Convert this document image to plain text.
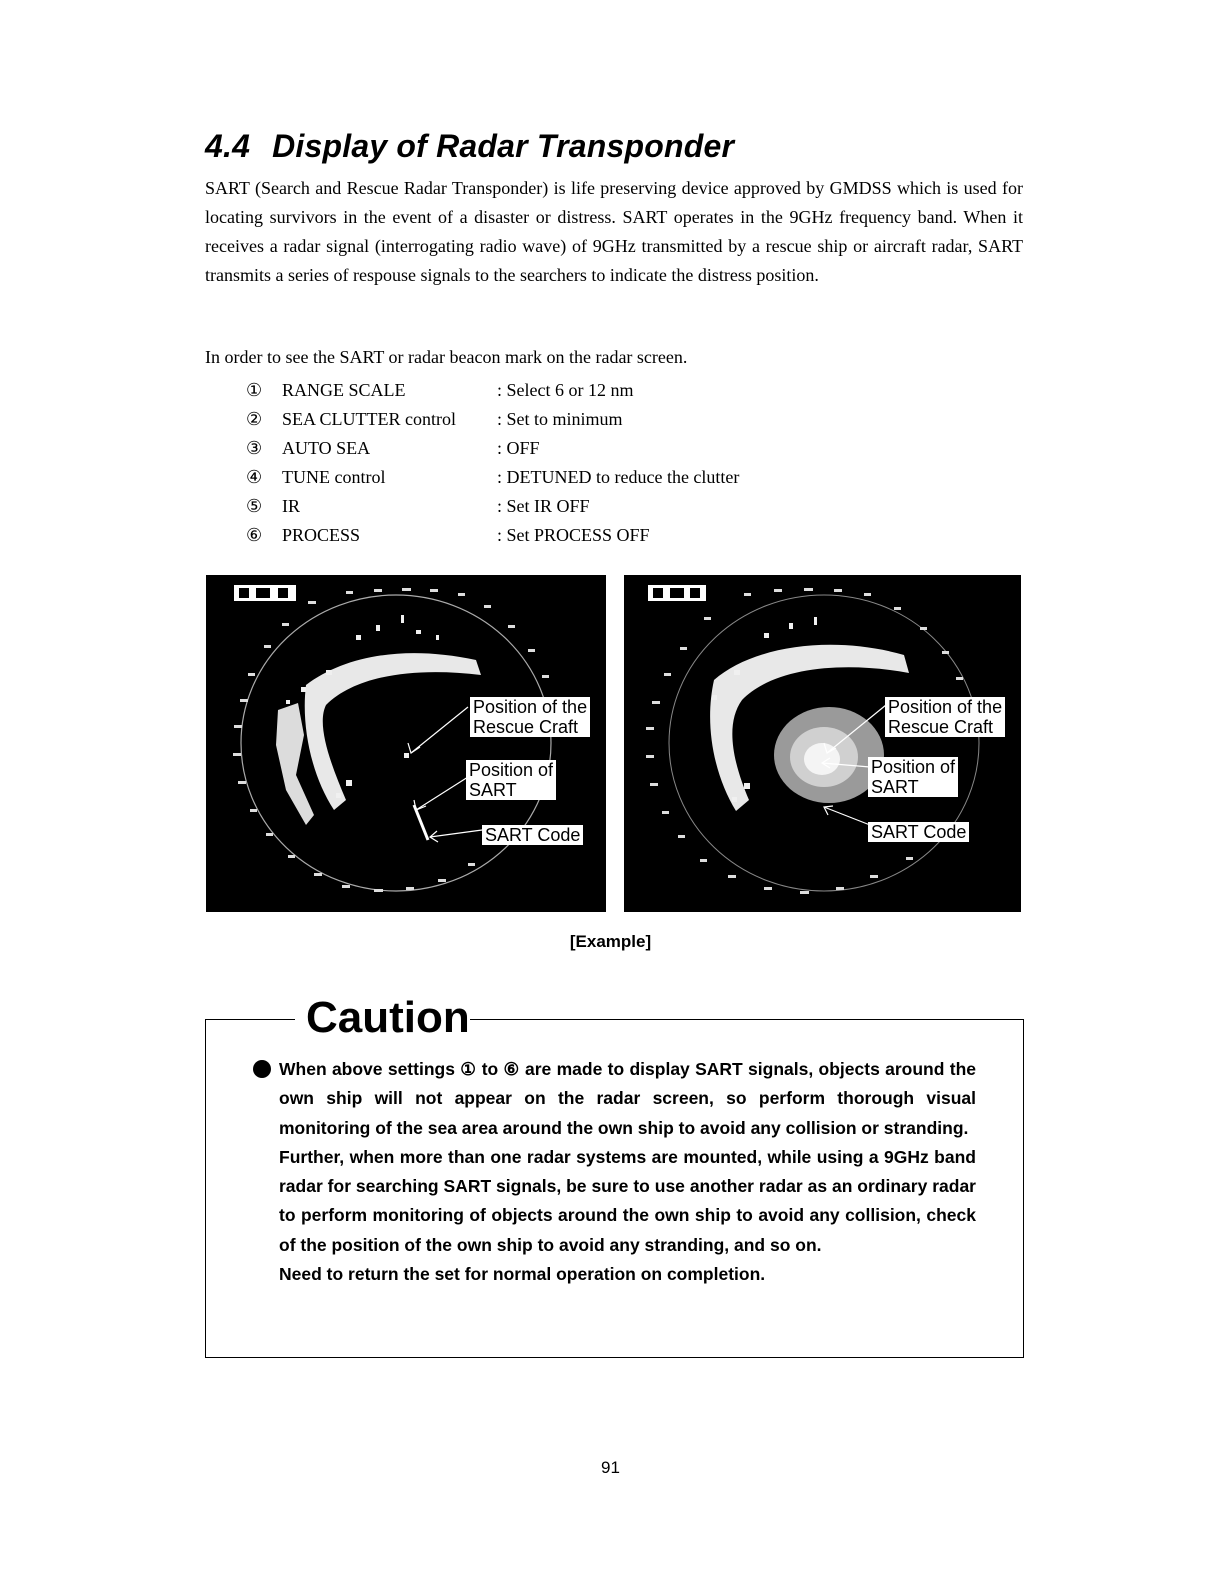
4.4 Display of Radar Transponder

SART (Search and Rescue Radar Transponder) is life preserving device approved by GMDSS which is used for locating survivors in the event of a disaster or distress. SART operates in the 9GHz frequency band. When it receives a radar signal (interrogating radio wave) of 9GHz transmitted by a rescue ship or aircraft radar, SART transmits a series of respouse signals to the searchers to indicate the distress position.

In order to see the SART or radar beacon mark on the radar screen.

① RANGE SCALE	: Select 6 or 12 nm
② SEA CLUTTER control : Set to minimum
③ AUTO SEA	: OFF
④ TUNE control	: DETUNED to reduce the clutter
⑤ IR	: Set IR OFF
⑥ PROCESS	: Set PROCESS OFF
Position of the
Rescue Craft
Position of
SART
SART Code
Position of the
Rescue Craft
Position of
SART
SART Code
[Example]
Caution

When above settings ① to ⑥ are made to display SART signals, objects around the own ship will not appear on the radar screen, so perform thorough visual monitoring of the sea area around the own ship to avoid any collision or stranding.

Further, when more than one radar systems are mounted, while using a 9GHz band radar for searching SART signals, be sure to use another radar as an ordinary radar to perform monitoring of objects around the own ship to avoid any collision, check of the position of the own ship to avoid any stranding, and so on.

Need to return the set for normal operation on completion.

91
